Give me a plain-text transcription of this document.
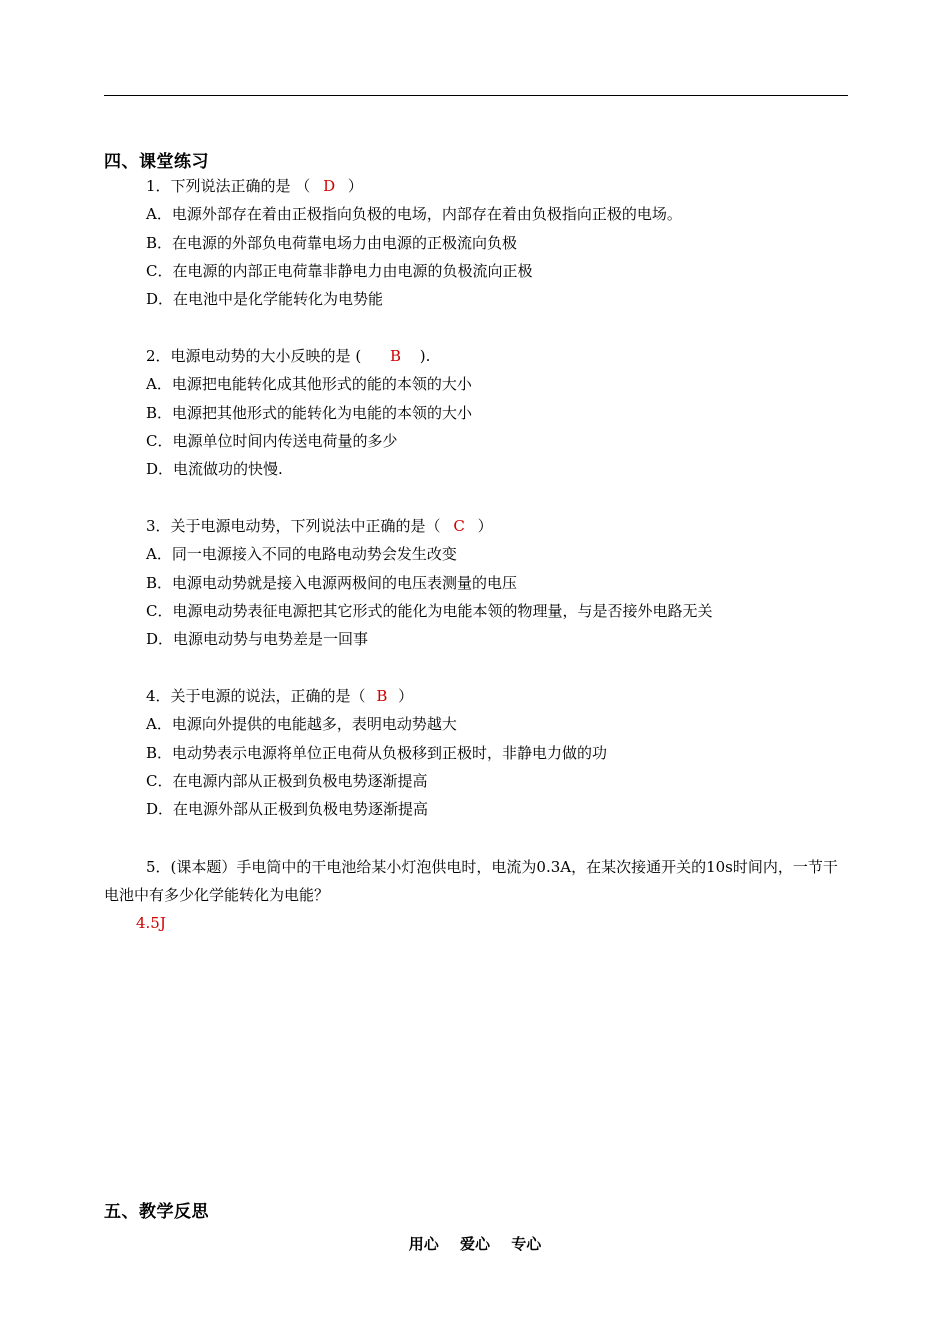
四、课堂练习
1．下列说法正确的是 （ D ）
A．电源外部存在着由正极指向负极的电场，内部存在着由负极指向正极的电场。
B．在电源的外部负电荷靠电场力由电源的正极流向负极
C．在电源的内部正电荷靠非静电力由电源的负极流向正极
D．在电池中是化学能转化为电势能
2．电源电动势的大小反映的是 ( B ).
A．电源把电能转化成其他形式的能的本领的大小
B．电源把其他形式的能转化为电能的本领的大小
C．电源单位时间内传送电荷量的多少
D．电流做功的快慢.
3．关于电源电动势，下列说法中正确的是（ C ）
A．同一电源接入不同的电路电动势会发生改变
B．电源电动势就是接入电源两极间的电压表测量的电压
C．电源电动势表征电源把其它形式的能化为电能本领的物理量，与是否接外电路无关
D．电源电动势与电势差是一回事
4．关于电源的说法，正确的是（ B ）
A．电源向外提供的电能越多，表明电动势越大
B．电动势表示电源将单位正电荷从负极移到正极时，非静电力做的功
C．在电源内部从正极到负极电势逐渐提高
D．在电源外部从正极到负极电势逐渐提高
5．(课本题）手电筒中的干电池给某小灯泡供电时，电流为0.3A，在某次接通开关的10s时间内，一节干电池中有多少化学能转化为电能？
4.5J
五、教学反思
用心 爱心 专心
